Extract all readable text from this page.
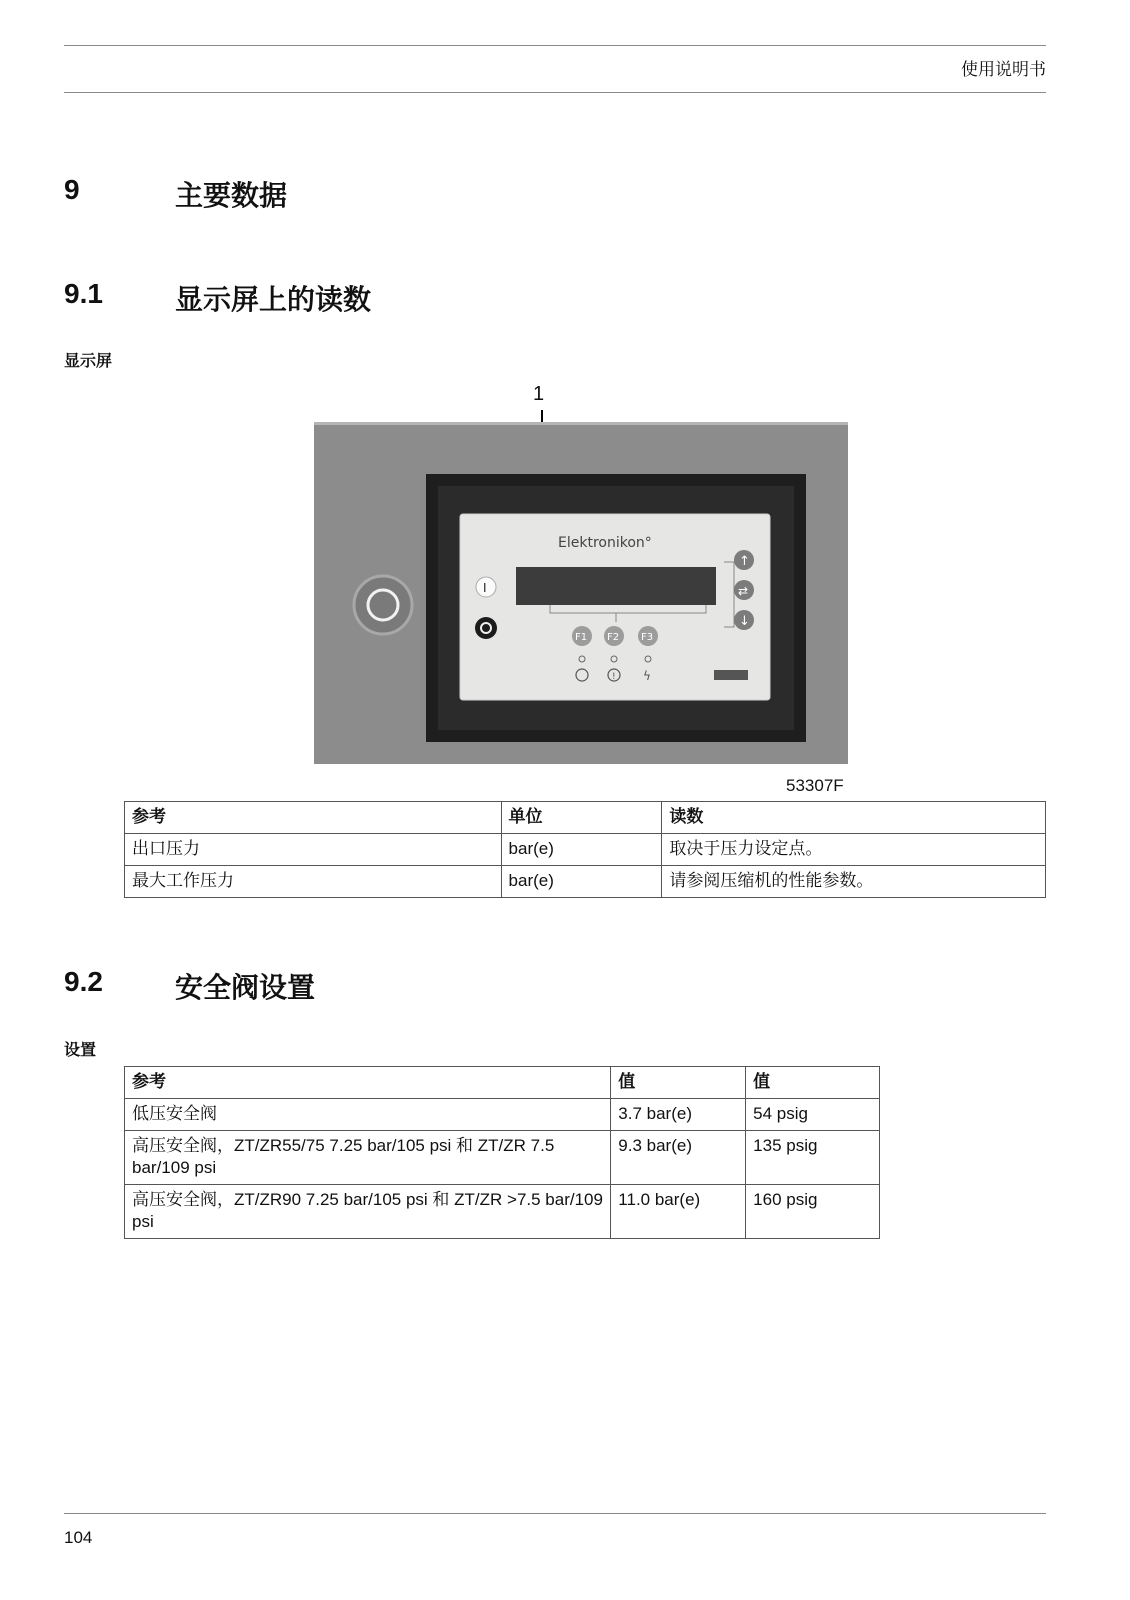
使用说明书
9	主要数据
9.1	显示屏上的读数
显示屏
1
Elektronikon°
I
F1 F2 F3
↑
⇄
↓
! ϟ
53307F
参考	单位	读数
出口压力	bar(e)	取决于压力设定点。
最大工作压力	bar(e)	请参阅压缩机的性能参数。
9.2	安全阀设置
设置
参考	值	值
低压安全阀	3.7 bar(e)	54 psig
高压安全阀，ZT/ZR55/75 7.25 bar/105 psi 和 ZT/ZR 7.5 bar/109 psi	9.3 bar(e)	135 psig
高压安全阀，ZT/ZR90 7.25 bar/105 psi 和 ZT/ZR >7.5 bar/109 psi	11.0 bar(e)	160 psig
104
